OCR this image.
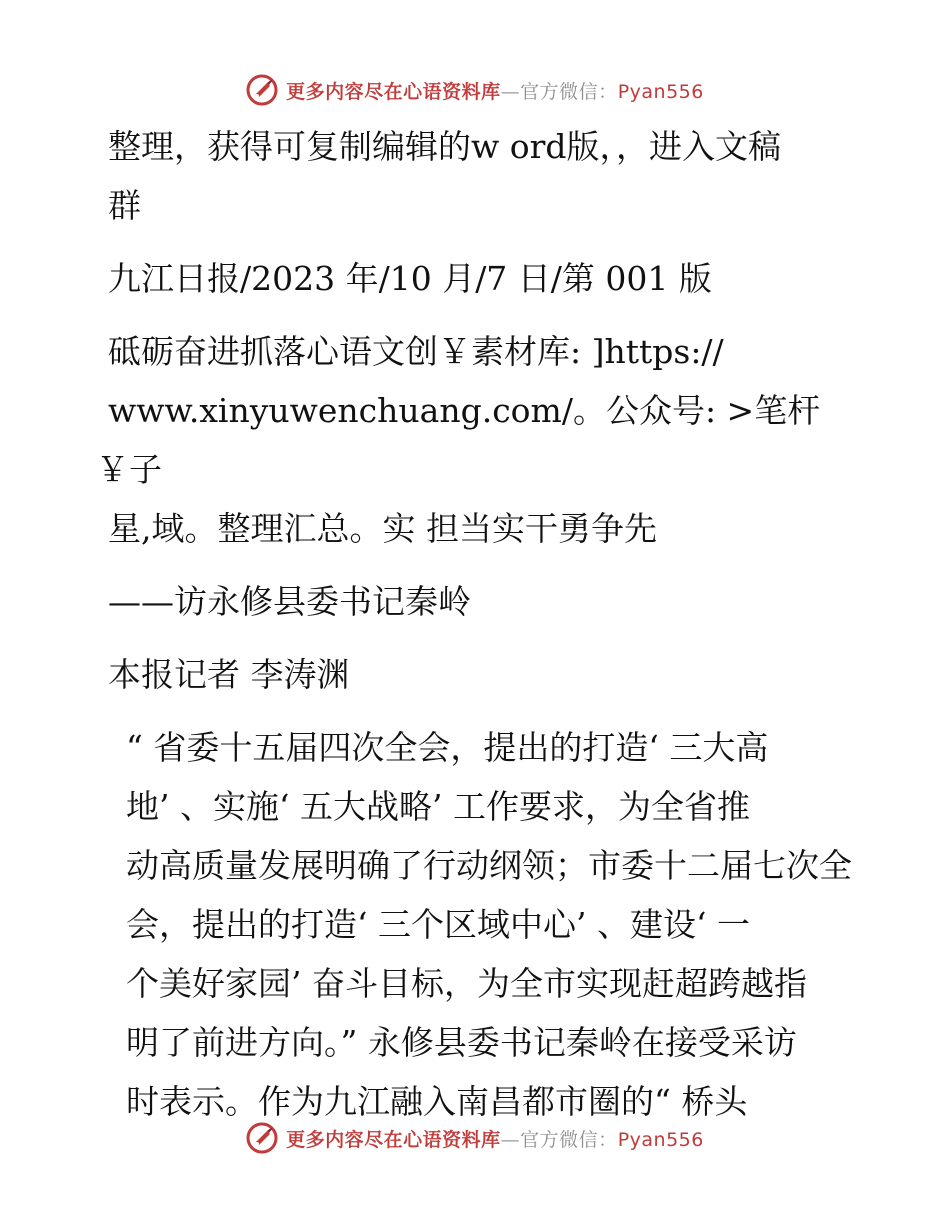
更多内容尽在心语资料库—官方微信：Pyan556

整理，获得可复制编辑的w ord版，，进入文稿
群

九江日报/2023 年/10 月/7 日/第 001 版

砥砺奋进抓落心语文创￥素材库: ]https://
www.xinyuwenchuang.com/。公众号: >笔杆￥子
星,域。整理汇总。实 担当实干勇争先

——访永修县委书记秦岭

本报记者 李涛渊

“ 省委十五届四次全会，提出的打造‘ 三大高
地’ 、实施‘ 五大战略’ 工作要求，为全省推
动高质量发展明确了行动纲领；市委十二届七次全
会，提出的打造‘ 三个区域中心’ 、建设‘ 一
个美好家园’ 奋斗目标，为全市实现赶超跨越指
明了前进方向。” 永修县委书记秦岭在接受采访
时表示。作为九江融入南昌都市圈的“ 桥头

更多内容尽在心语资料库—官方微信：Pyan556
